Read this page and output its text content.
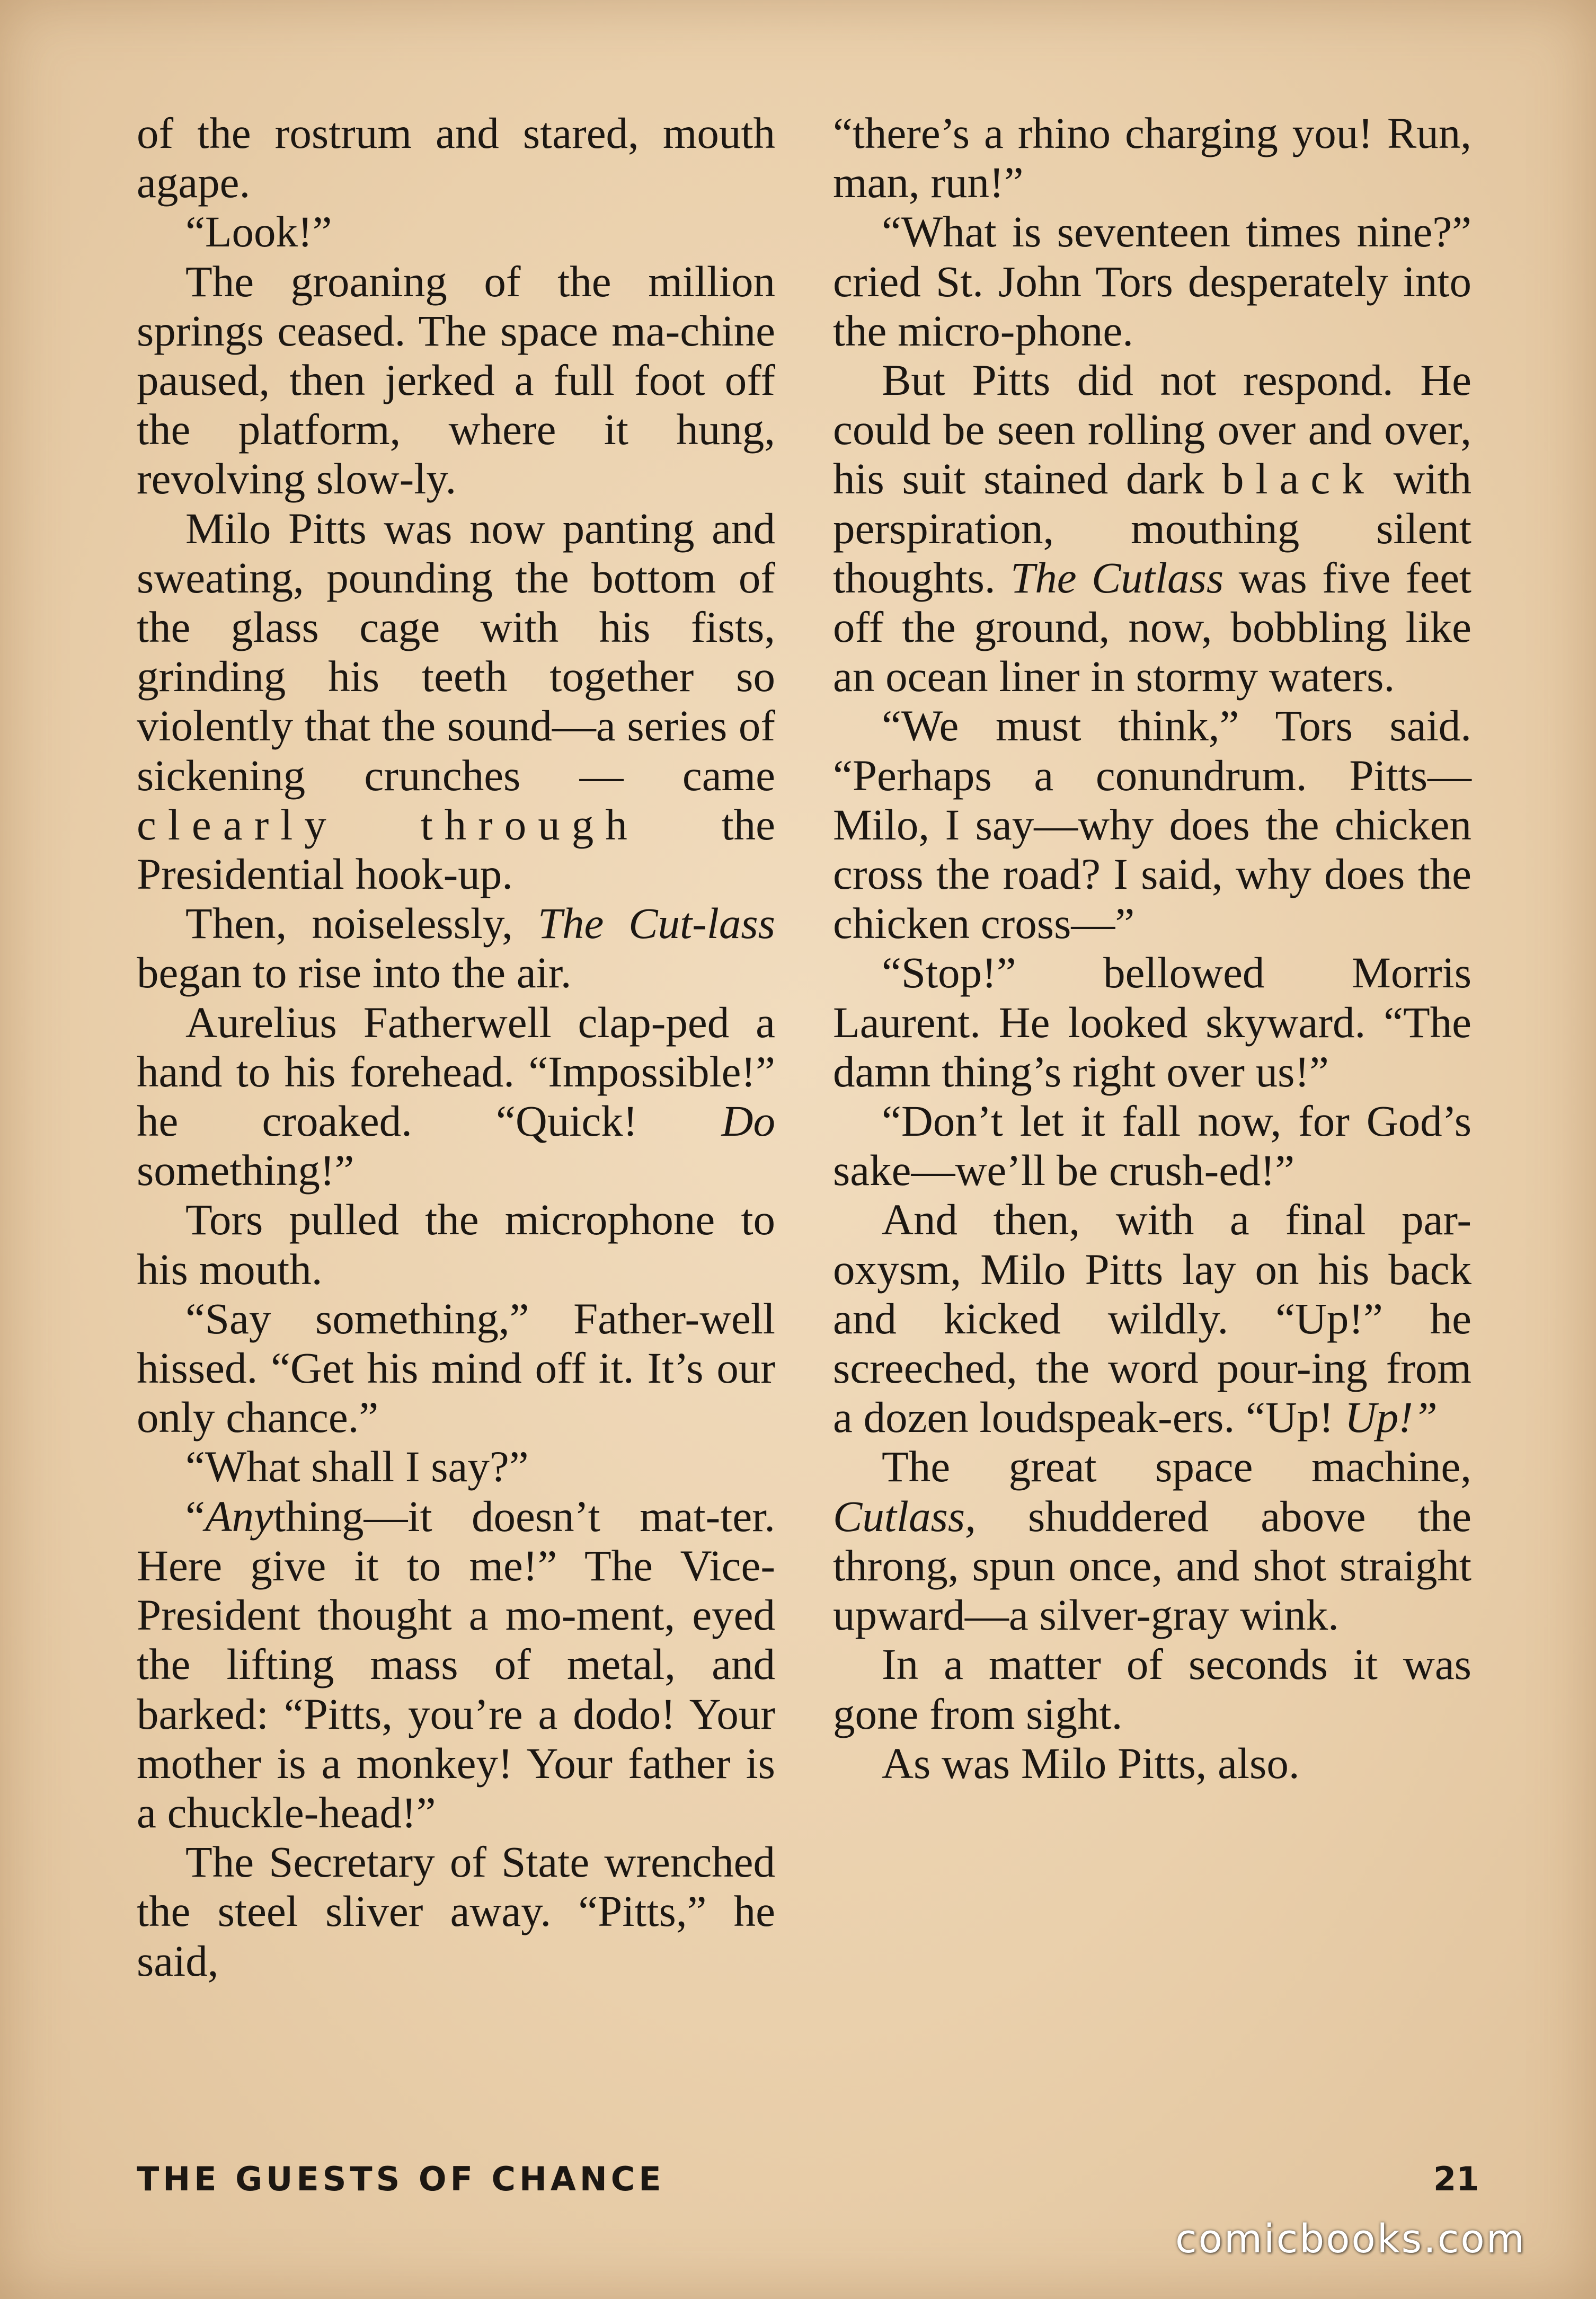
of the rostrum and stared, mouth agape.

“Look!”

The groaning of the million springs ceased. The space ma-chine paused, then jerked a full foot off the platform, where it hung, revolving slow-ly.

Milo Pitts was now panting and sweating, pounding the bottom of the glass cage with his fists, grinding his teeth together so violently that the sound—a series of sickening crunches — came clearly through the Presidential hook-up.

Then, noiselessly, The Cut-lass began to rise into the air.

Aurelius Fatherwell clap-ped a hand to his forehead. “Impossible!” he croaked. “Quick! Do something!”

Tors pulled the microphone to his mouth.

“Say something,” Father-well hissed. “Get his mind off it. It’s our only chance.”

“What shall I say?”

“Anything—it doesn’t mat-ter. Here give it to me!” The Vice-President thought a mo-ment, eyed the lifting mass of metal, and barked: “Pitts, you’re a dodo! Your mother is a monkey! Your father is a chuckle-head!”

The Secretary of State wrenched the steel sliver away. “Pitts,” he said,

“there’s a rhino charging you! Run, man, run!”

“What is seventeen times nine?” cried St. John Tors desperately into the micro-phone.

But Pitts did not respond. He could be seen rolling over and over, his suit stained dark black with perspiration, mouthing silent thoughts. The Cutlass was five feet off the ground, now, bobbling like an ocean liner in stormy waters.

“We must think,” Tors said. “Perhaps a conundrum. Pitts—Milo, I say—why does the chicken cross the road? I said, why does the chicken cross—”

“Stop!” bellowed Morris Laurent. He looked skyward. “The damn thing’s right over us!”

“Don’t let it fall now, for God’s sake—we’ll be crush-ed!”

And then, with a final par-oxysm, Milo Pitts lay on his back and kicked wildly. “Up!” he screeched, the word pour-ing from a dozen loudspeak-ers. “Up! Up!”

The great space machine, Cutlass, shuddered above the throng, spun once, and shot straight upward—a silver-gray wink.

In a matter of seconds it was gone from sight.

As was Milo Pitts, also.

THE GUESTS OF CHANCE	21
comicbooks.com
